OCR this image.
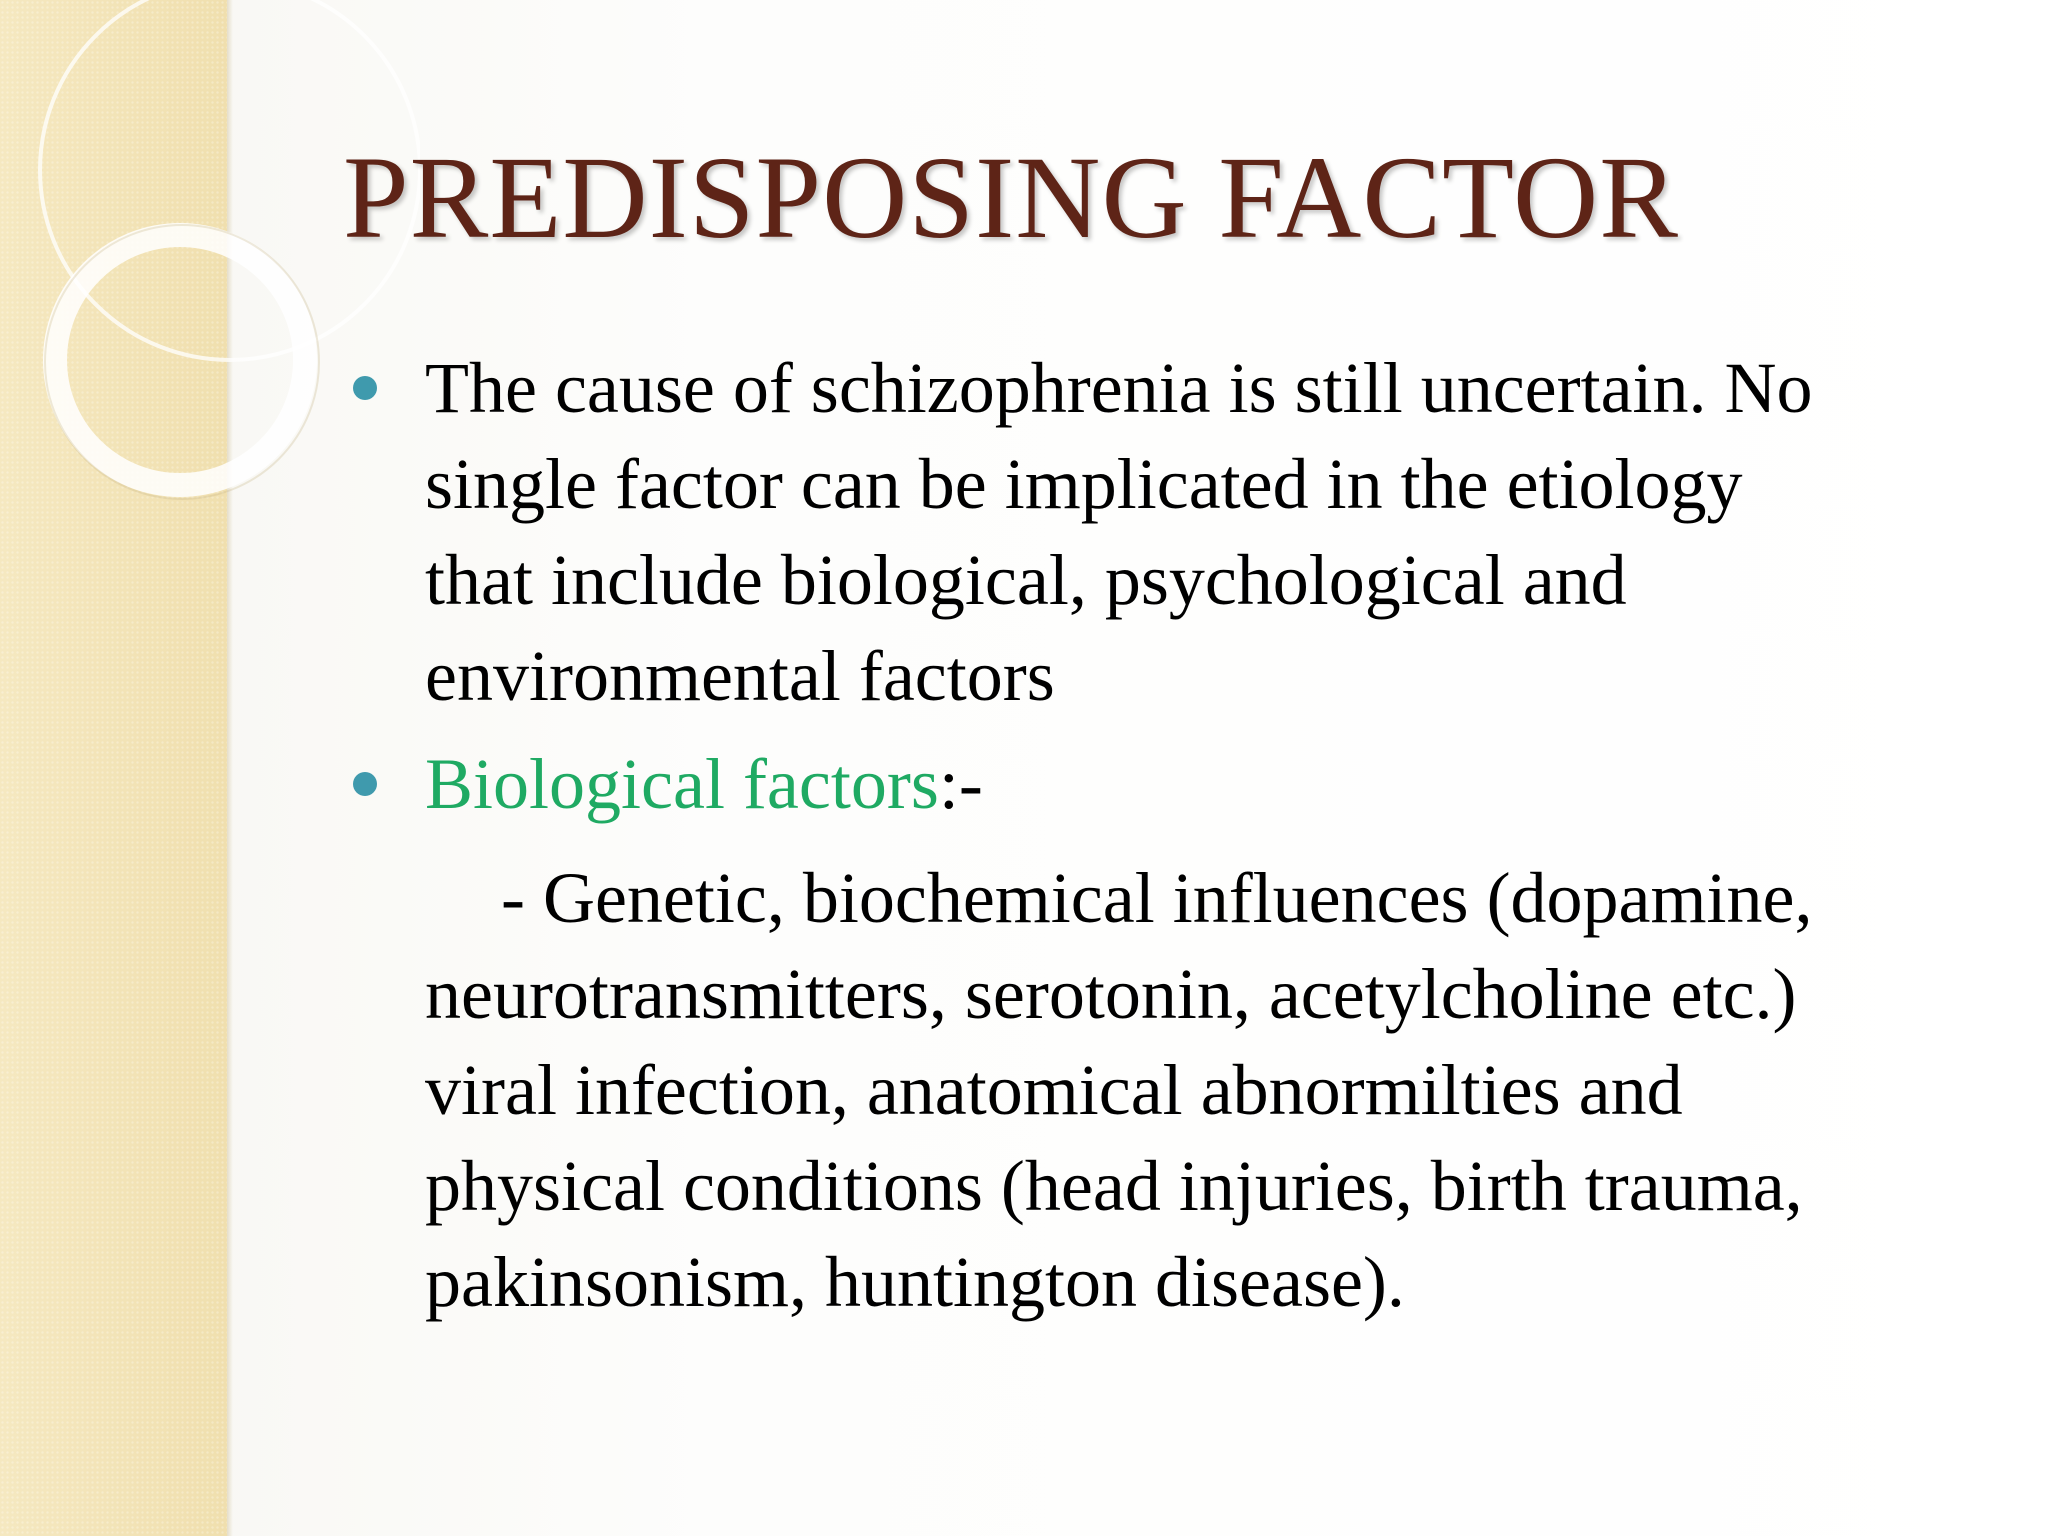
PREDISPOSING FACTOR
The cause of schizophrenia is still uncertain. No
single factor can be implicated in the etiology
that include biological, psychological and
environmental factors
Biological factors:-
- Genetic, biochemical influences (dopamine,
neurotransmitters, serotonin, acetylcholine etc.)
viral infection, anatomical abnormilties and
physical conditions (head injuries, birth trauma,
pakinsonism, huntington disease).
